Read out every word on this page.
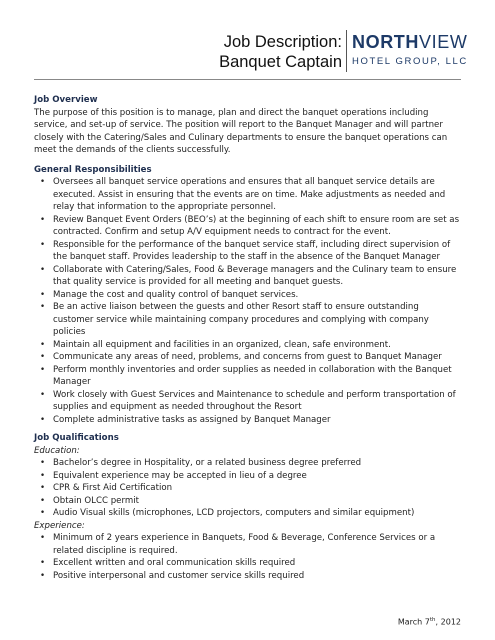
Job Description:
Banquet Captain
NORTHVIEW
HOTEL GROUP, LLC
Job Overview

The purpose of this position is to manage, plan and direct the banquet operations including service, and set-up of service. The position will report to the Banquet Manager and will partner closely with the Catering/Sales and Culinary departments to ensure the banquet operations can meet the demands of the clients successfully.

General Responsibilities
• Oversees all banquet service operations and ensures that all banquet service details are executed. Assist in ensuring that the events are on time. Make adjustments as needed and relay that information to the appropriate personnel.
• Review Banquet Event Orders (BEO’s) at the beginning of each shift to ensure room are set as contracted. Confirm and setup A/V equipment needs to contract for the event.
• Responsible for the performance of the banquet service staff, including direct supervision of the banquet staff. Provides leadership to the staff in the absence of the Banquet Manager
• Collaborate with Catering/Sales, Food & Beverage managers and the Culinary team to ensure that quality service is provided for all meeting and banquet guests.
• Manage the cost and quality control of banquet services.
• Be an active liaison between the guests and other Resort staff to ensure outstanding customer service while maintaining company procedures and complying with company policies
• Maintain all equipment and facilities in an organized, clean, safe environment.
• Communicate any areas of need, problems, and concerns from guest to Banquet Manager
• Perform monthly inventories and order supplies as needed in collaboration with the Banquet Manager
• Work closely with Guest Services and Maintenance to schedule and perform transportation of supplies and equipment as needed throughout the Resort
• Complete administrative tasks as assigned by Banquet Manager
Job Qualifications
Education:
• Bachelor’s degree in Hospitality, or a related business degree preferred
• Equivalent experience may be accepted in lieu of a degree
• CPR & First Aid Certification
• Obtain OLCC permit
• Audio Visual skills (microphones, LCD projectors, computers and similar equipment)
Experience:
• Minimum of 2 years experience in Banquets, Food & Beverage, Conference Services or a related discipline is required.
• Excellent written and oral communication skills required
• Positive interpersonal and customer service skills required
March 7th, 2012
